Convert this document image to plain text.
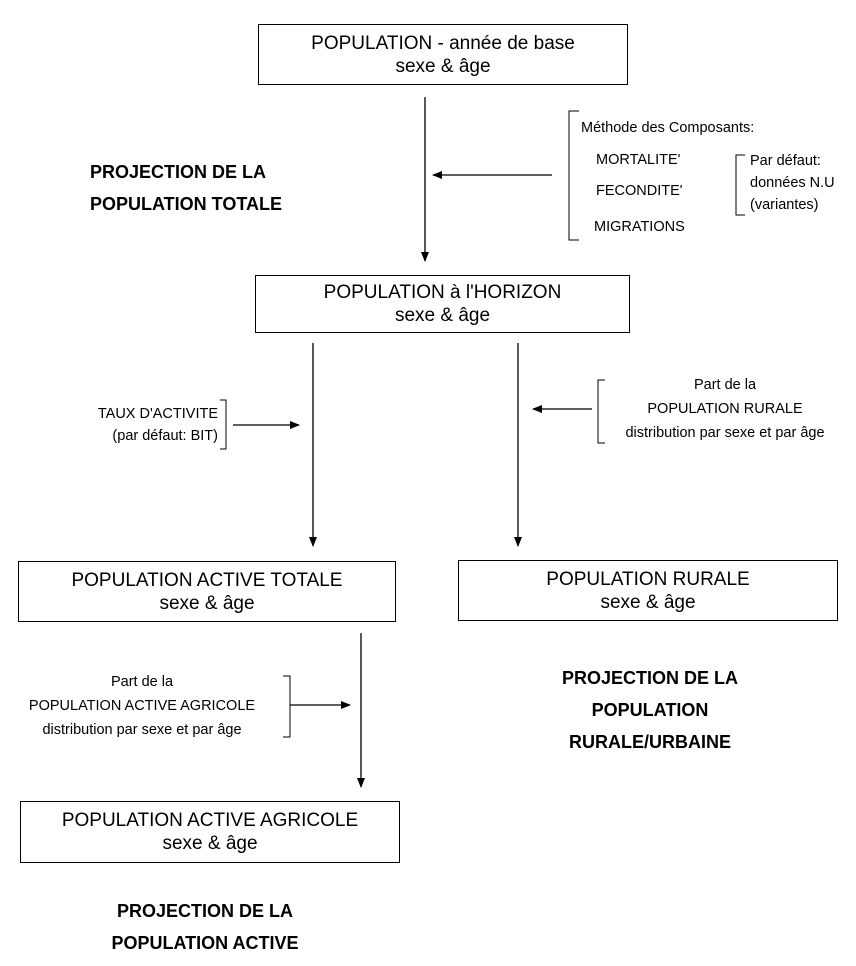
POPULATION - année de base
sexe & âge
POPULATION à l'HORIZON
sexe & âge
POPULATION ACTIVE TOTALE
sexe & âge
POPULATION RURALE
sexe & âge
POPULATION ACTIVE AGRICOLE
sexe & âge
PROJECTION DE LA
POPULATION TOTALE
PROJECTION DE LA
POPULATION
RURALE/URBAINE
PROJECTION DE LA
POPULATION ACTIVE
Méthode des Composants:
MORTALITE'
FECONDITE'
MIGRATIONS
Par défaut:
données N.U
(variantes)
TAUX D'ACTIVITE
(par défaut: BIT)
Part de la
POPULATION RURALE
distribution par sexe et par âge
Part de la
POPULATION ACTIVE AGRICOLE
distribution par sexe et par âge
